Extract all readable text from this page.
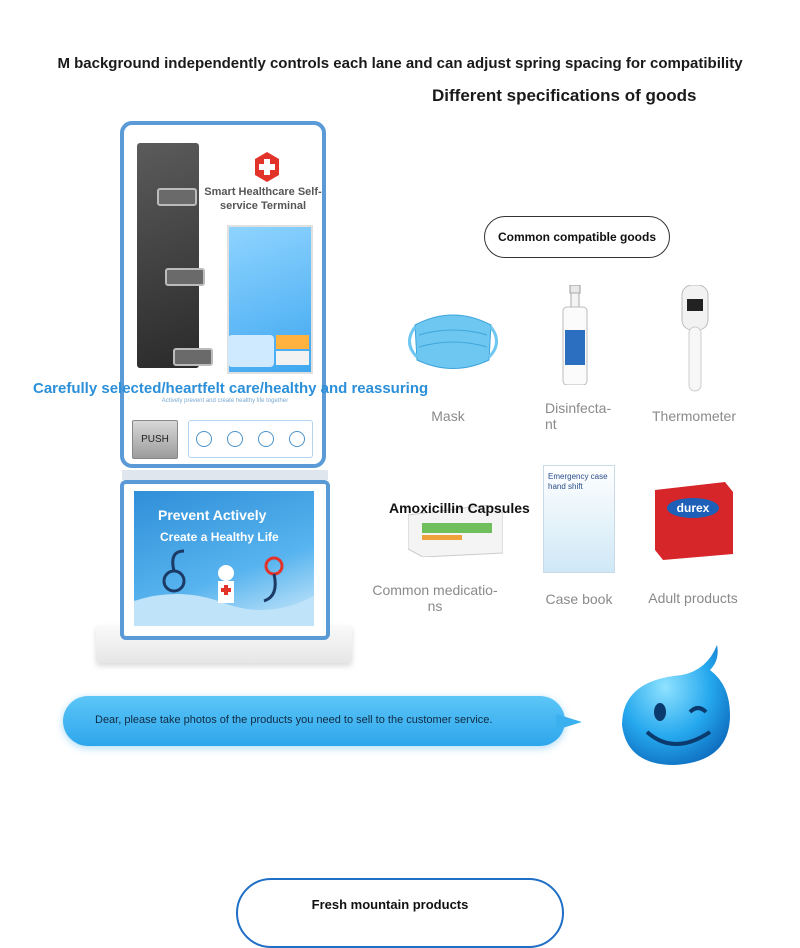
M background independently controls each lane and can adjust spring spacing for compatibility
Different specifications of goods
Smart Healthcare Self-service Terminal
Carefully selected/heartfelt care/healthy and reassuring
Actively prevent and create healthy life together
PUSH
Prevent Actively
Create a Healthy Life
Common compatible goods
Mask	Disinfecta-
nt	Thermometer
Amoxicillin Capsules
Emergency case hand shift
durex
Common medicatio-
ns	Case book	Adult products
Dear, please take photos of the products you need to sell to the customer service.
Fresh mountain products
